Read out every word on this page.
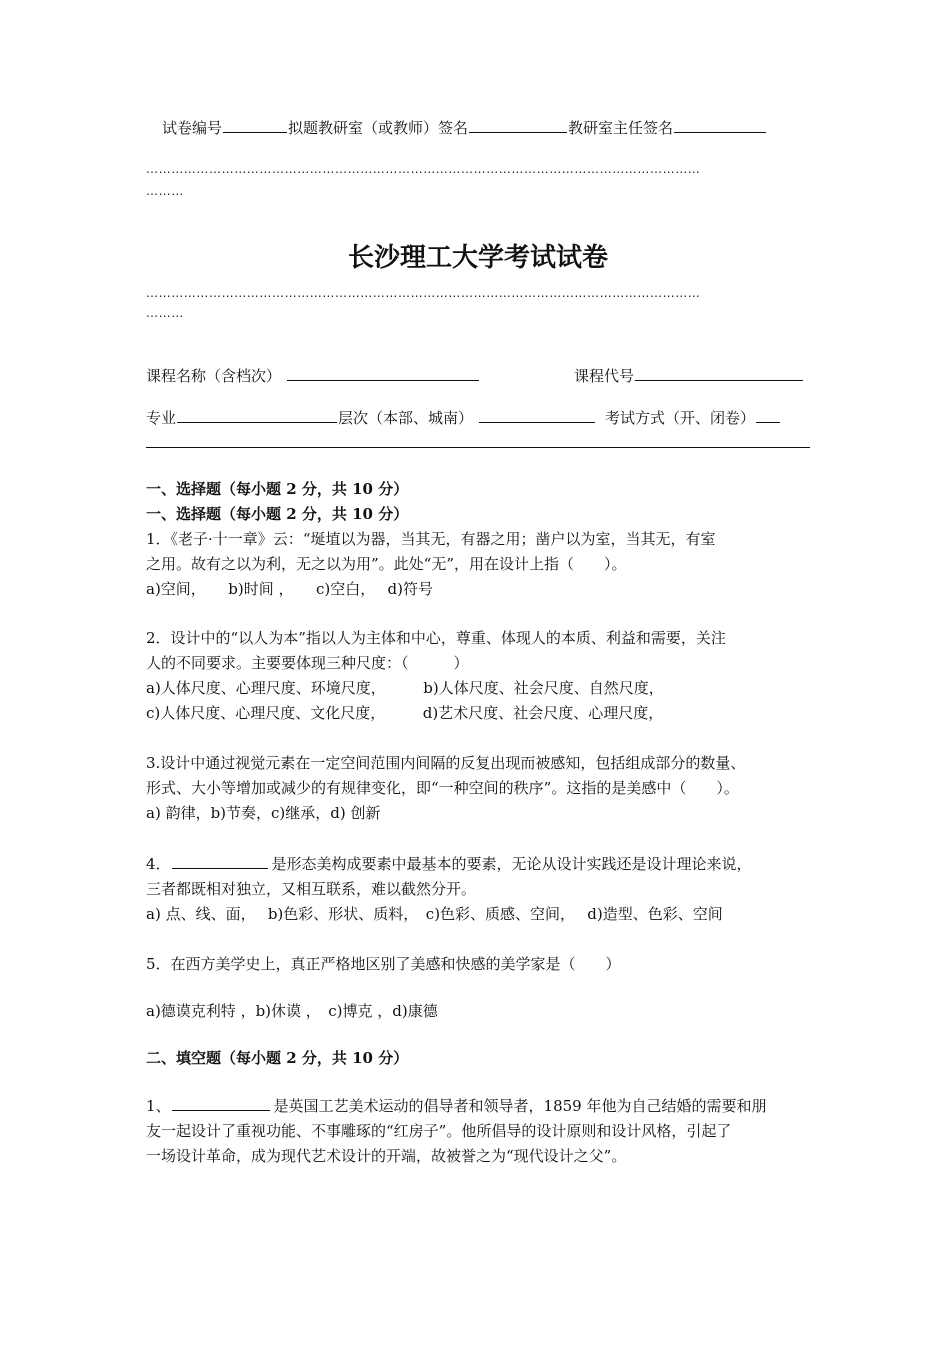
试卷编号	拟题教研室（或教师）签名	教研室主任签名
……………………………………………………………………………………………………………………
………
长沙理工大学考试试卷
……………………………………………………………………………………………………………………
………
课程名称（含档次）	课程代号
专业	层次（本部、城南）	考试方式（开、闭卷）
一、选择题（每小题 2 分，共 10 分）
一、选择题（每小题 2 分，共 10 分）
1．《老子·十一章》云：“埏埴以为器，当其无，有器之用；凿户以为室，当其无，有室
之用。故有之以为利，无之以为用”。此处“无”，用在设计上指（　　）。
a)空间，　　b)时间 ，　　c)空白，　 d)符号
2．设计中的“以人为本”指以人为主体和中心，尊重、体现人的本质、利益和需要，关注
人的不同要求。主要要体现三种尺度：（　　　）
a)人体尺度、心理尺度、环境尺度，　　　b)人体尺度、社会尺度、自然尺度，
c)人体尺度、心理尺度、文化尺度，　　　d)艺术尺度、社会尺度、心理尺度，
3.设计中通过视觉元素在一定空间范围内间隔的反复出现而被感知，包括组成部分的数量、
形式、大小等增加或减少的有规律变化，即“一种空间的秩序”。这指的是美感中（　　）。
a) 韵律，b)节奏，c)继承，d) 创新
4．	是形态美构成要素中最基本的要素，无论从设计实践还是设计理论来说，
三者都既相对独立，又相互联系，难以截然分开。
a) 点、线、面，　 b)色彩、形状、质料，　c)色彩、质感、空间，　 d)造型、色彩、空间
5．在西方美学史上，真正严格地区别了美感和快感的美学家是（　　）
a)德谟克利特 ，b)休谟 ，　c)博克 ，d)康德
二、填空题（每小题 2 分，共 10 分）
1、	是英国工艺美术运动的倡导者和领导者，1859 年他为自己结婚的需要和朋
友一起设计了重视功能、不事雕琢的“红房子”。他所倡导的设计原则和设计风格，引起了
一场设计革命，成为现代艺术设计的开端，故被誉之为“现代设计之父”。
